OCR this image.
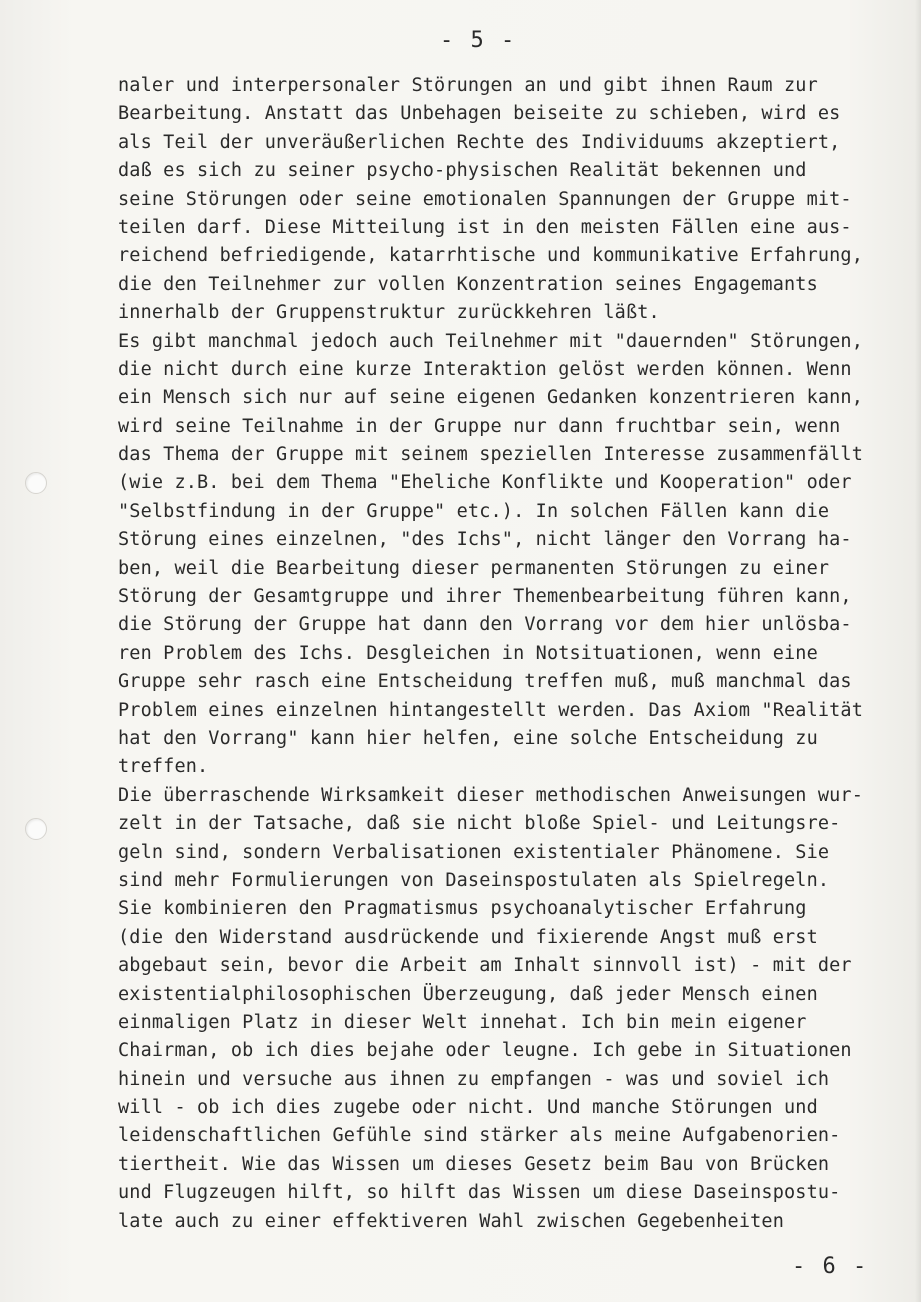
- 5 -
naler und interpersonaler Störungen an und gibt ihnen Raum zur
Bearbeitung. Anstatt das Unbehagen beiseite zu schieben, wird es
als Teil der unveräußerlichen Rechte des Individuums akzeptiert,
daß es sich zu seiner psycho-physischen Realität bekennen und
seine Störungen oder seine emotionalen Spannungen der Gruppe mit-
teilen darf. Diese Mitteilung ist in den meisten Fällen eine aus-
reichend befriedigende, katarrhtische und kommunikative Erfahrung,
die den Teilnehmer zur vollen Konzentration seines Engagemants
innerhalb der Gruppenstruktur zurückkehren läßt.
Es gibt manchmal jedoch auch Teilnehmer mit "dauernden" Störungen,
die nicht durch eine kurze Interaktion gelöst werden können. Wenn
ein Mensch sich nur auf seine eigenen Gedanken konzentrieren kann,
wird seine Teilnahme in der Gruppe nur dann fruchtbar sein, wenn
das Thema der Gruppe mit seinem speziellen Interesse zusammenfällt
(wie z.B. bei dem Thema "Eheliche Konflikte und Kooperation" oder
"Selbstfindung in der Gruppe" etc.). In solchen Fällen kann die
Störung eines einzelnen, "des Ichs", nicht länger den Vorrang ha-
ben, weil die Bearbeitung dieser permanenten Störungen zu einer
Störung der Gesamtgruppe und ihrer Themenbearbeitung führen kann,
die Störung der Gruppe hat dann den Vorrang vor dem hier unlösba-
ren Problem des Ichs. Desgleichen in Notsituationen, wenn eine
Gruppe sehr rasch eine Entscheidung treffen muß, muß manchmal das
Problem eines einzelnen hintangestellt werden. Das Axiom "Realität
hat den Vorrang" kann hier helfen, eine solche Entscheidung zu
treffen.
Die überraschende Wirksamkeit dieser methodischen Anweisungen wur-
zelt in der Tatsache, daß sie nicht bloße Spiel- und Leitungsre-
geln sind, sondern Verbalisationen existentialer Phänomene. Sie
sind mehr Formulierungen von Daseinspostulaten als Spielregeln.
Sie kombinieren den Pragmatismus psychoanalytischer Erfahrung
(die den Widerstand ausdrückende und fixierende Angst muß erst
abgebaut sein, bevor die Arbeit am Inhalt sinnvoll ist) - mit der
existentialphilosophischen Überzeugung, daß jeder Mensch einen
einmaligen Platz in dieser Welt innehat. Ich bin mein eigener
Chairman, ob ich dies bejahe oder leugne. Ich gebe in Situationen
hinein und versuche aus ihnen zu empfangen - was und soviel ich
will - ob ich dies zugebe oder nicht. Und manche Störungen und
leidenschaftlichen Gefühle sind stärker als meine Aufgabenorien-
tiertheit. Wie das Wissen um dieses Gesetz beim Bau von Brücken
und Flugzeugen hilft, so hilft das Wissen um diese Daseinspostu-
late auch zu einer effektiveren Wahl zwischen Gegebenheiten
- 6 -
